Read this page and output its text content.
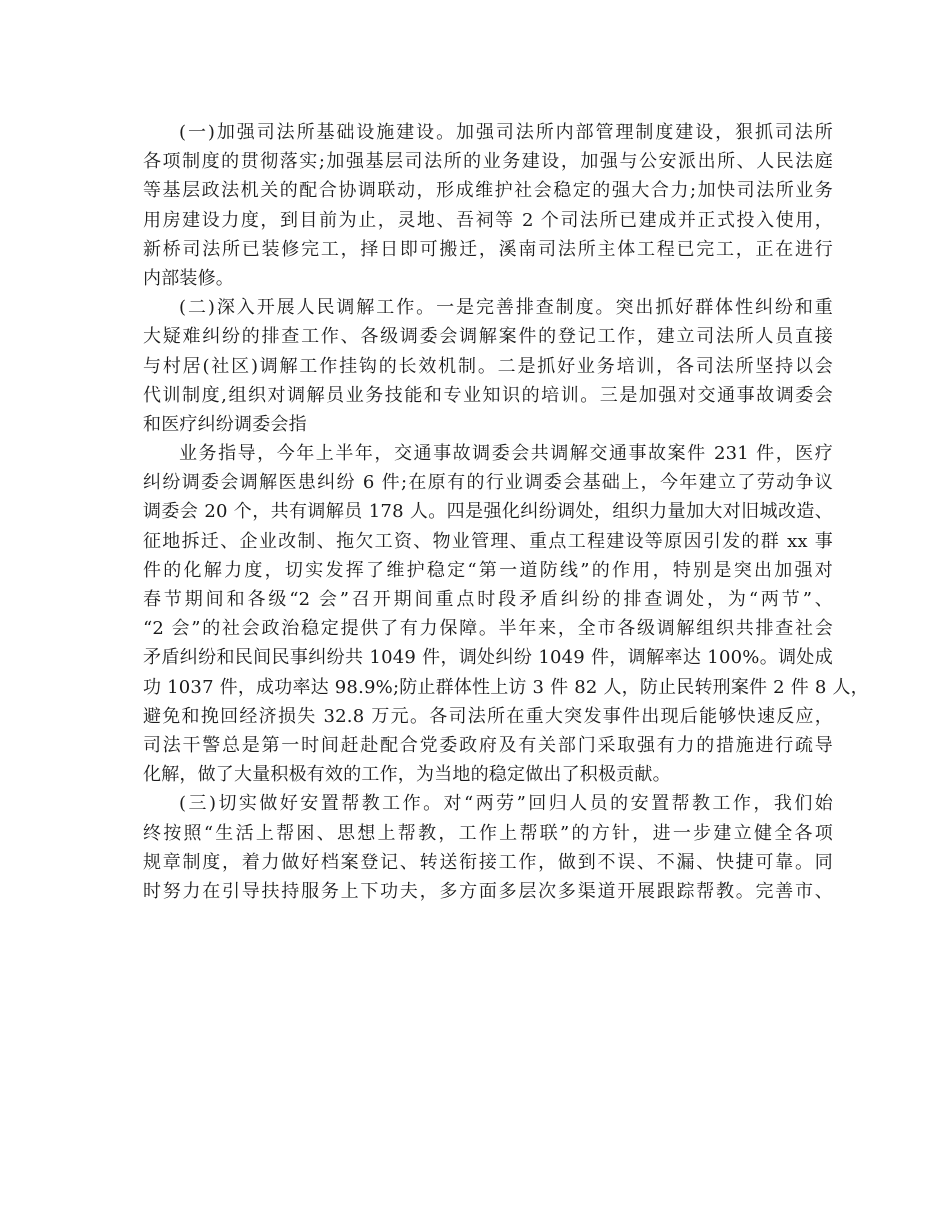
(一)加强司法所基础设施建设。加强司法所内部管理制度建设，狠抓司法所
各项制度的贯彻落实;加强基层司法所的业务建设，加强与公安派出所、人民法庭
等基层政法机关的配合协调联动，形成维护社会稳定的强大合力;加快司法所业务
用房建设力度，到目前为止，灵地、吾祠等 2 个司法所已建成并正式投入使用，
新桥司法所已装修完工，择日即可搬迁，溪南司法所主体工程已完工，正在进行
内部装修。
(二)深入开展人民调解工作。一是完善排查制度。突出抓好群体性纠纷和重
大疑难纠纷的排查工作、各级调委会调解案件的登记工作，建立司法所人员直接
与村居(社区)调解工作挂钩的长效机制。二是抓好业务培训，各司法所坚持以会
代训制度,组织对调解员业务技能和专业知识的培训。三是加强对交通事故调委会
和医疗纠纷调委会指
业务指导，今年上半年，交通事故调委会共调解交通事故案件 231 件，医疗
纠纷调委会调解医患纠纷 6 件;在原有的行业调委会基础上，今年建立了劳动争议
调委会 20 个，共有调解员 178 人。四是强化纠纷调处，组织力量加大对旧城改造、
征地拆迁、企业改制、拖欠工资、物业管理、重点工程建设等原因引发的群 xx 事
件的化解力度，切实发挥了维护稳定“第一道防线”的作用，特别是突出加强对
春节期间和各级“2 会”召开期间重点时段矛盾纠纷的排查调处，为“两节”、
“2 会”的社会政治稳定提供了有力保障。半年来，全市各级调解组织共排查社会
矛盾纠纷和民间民事纠纷共 1049 件，调处纠纷 1049 件，调解率达 100%。调处成
功 1037 件，成功率达 98.9%;防止群体性上访 3 件 82 人，防止民转刑案件 2 件 8 人，
避免和挽回经济损失 32.8 万元。各司法所在重大突发事件出现后能够快速反应，
司法干警总是第一时间赶赴配合党委政府及有关部门采取强有力的措施进行疏导
化解，做了大量积极有效的工作，为当地的稳定做出了积极贡献。
(三)切实做好安置帮教工作。对“两劳”回归人员的安置帮教工作，我们始
终按照“生活上帮困、思想上帮教，工作上帮联”的方针，进一步建立健全各项
规章制度，着力做好档案登记、转送衔接工作，做到不误、不漏、快捷可靠。同
时努力在引导扶持服务上下功夫，多方面多层次多渠道开展跟踪帮教。完善市、
